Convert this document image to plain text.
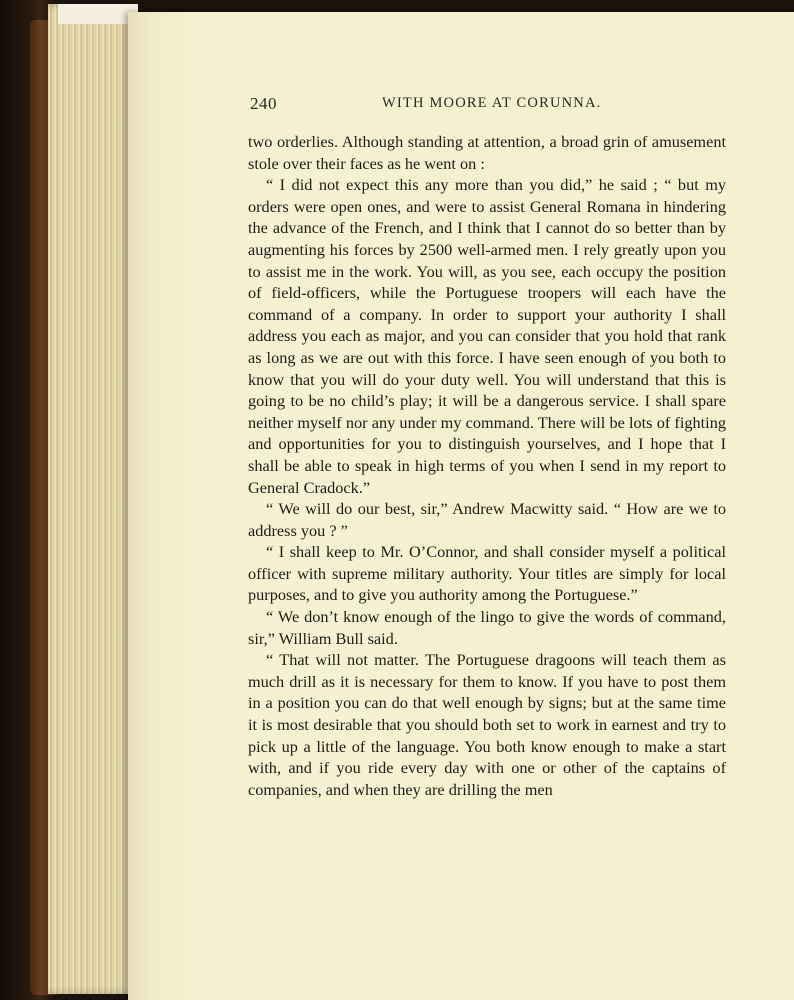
240	WITH MOORE AT CORUNNA.

two orderlies. Although standing at attention, a broad grin of amusement stole over their faces as he went on :

“ I did not expect this any more than you did,” he said ; “ but my orders were open ones, and were to assist General Romana in hindering the advance of the French, and I think that I cannot do so better than by augmenting his forces by 2500 well-armed men. I rely greatly upon you to assist me in the work. You will, as you see, each occupy the position of field-officers, while the Portuguese troopers will each have the command of a company. In order to support your authority I shall address you each as major, and you can consider that you hold that rank as long as we are out with this force. I have seen enough of you both to know that you will do your duty well. You will understand that this is going to be no child’s play; it will be a dangerous service. I shall spare neither myself nor any under my command. There will be lots of fighting and opportunities for you to distinguish yourselves, and I hope that I shall be able to speak in high terms of you when I send in my report to General Cradock.”

“ We will do our best, sir,” Andrew Macwitty said. “ How are we to address you ? ”

“ I shall keep to Mr. O’Connor, and shall consider myself a political officer with supreme military authority. Your titles are simply for local purposes, and to give you authority among the Portuguese.”

“ We don’t know enough of the lingo to give the words of command, sir,” William Bull said.

“ That will not matter. The Portuguese dragoons will teach them as much drill as it is necessary for them to know. If you have to post them in a position you can do that well enough by signs; but at the same time it is most desirable that you should both set to work in earnest and try to pick up a little of the language. You both know enough to make a start with, and if you ride every day with one or other of the captains of companies, and when they are drilling the men
